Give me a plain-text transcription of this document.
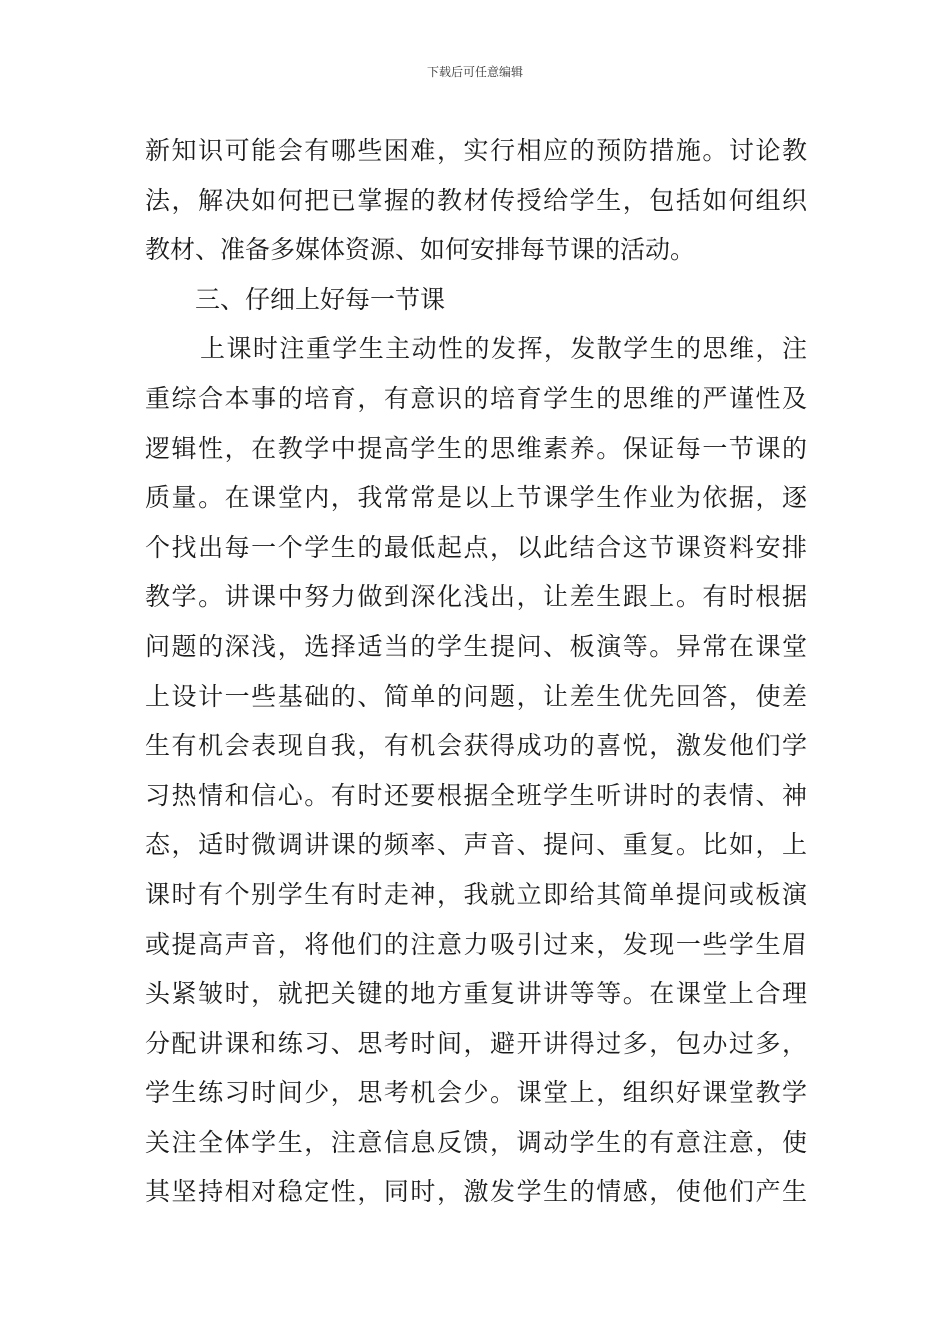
下载后可任意编辑
新知识可能会有哪些困难，实行相应的预防措施。讨论教
法，解决如何把已掌握的教材传授给学生，包括如何组织
教材、准备多媒体资源、如何安排每节课的活动。
三、仔细上好每一节课
上课时注重学生主动性的发挥，发散学生的思维，注
重综合本事的培育，有意识的培育学生的思维的严谨性及
逻辑性，在教学中提高学生的思维素养。保证每一节课的
质量。在课堂内，我常常是以上节课学生作业为依据，逐
个找出每一个学生的最低起点，以此结合这节课资料安排
教学。讲课中努力做到深化浅出，让差生跟上。有时根据
问题的深浅，选择适当的学生提问、板演等。异常在课堂
上设计一些基础的、简单的问题，让差生优先回答，使差
生有机会表现自我，有机会获得成功的喜悦，激发他们学
习热情和信心。有时还要根据全班学生听讲时的表情、神
态，适时微调讲课的频率、声音、提问、重复。比如，上
课时有个别学生有时走神，我就立即给其简单提问或板演
或提高声音，将他们的注意力吸引过来，发现一些学生眉
头紧皱时，就把关键的地方重复讲讲等等。在课堂上合理
分配讲课和练习、思考时间，避开讲得过多，包办过多，
学生练习时间少，思考机会少。课堂上，组织好课堂教学
关注全体学生，注意信息反馈，调动学生的有意注意，使
其坚持相对稳定性，同时，激发学生的情感，使他们产生
